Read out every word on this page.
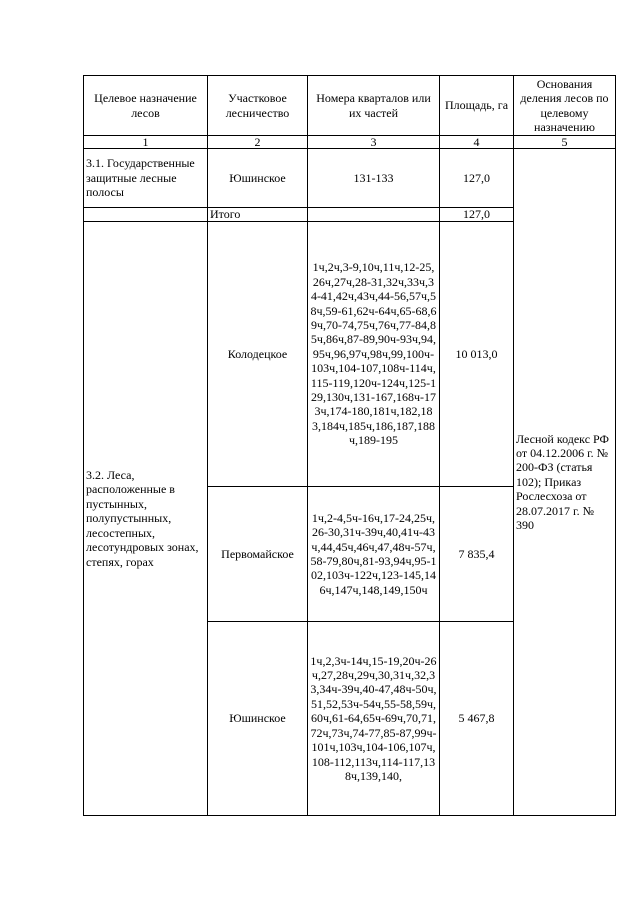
Целевое назначение лесов	Участковое лесничество	Номера кварталов или их частей	Площадь, га	Основания деления лесов по целевому назначению
1	2	3	4	5
3.1. Государственные защитные лесные полосы	Юшинское	131-133	127,0	Лесной кодекс РФ от 04.12.2006 г. № 200-ФЗ (статья 102); Приказ Рослесхоза от 28.07.2017 г. № 390
	Итого		127,0	
3.2. Леса, расположенные в пустынных, полупустынных, лесостепных, лесотундровых зонах, степях, горах	Колодецкое	1ч,2ч,3-9,10ч,11ч,12-25,26ч,27ч,28-31,32ч,33ч,34-41,42ч,43ч,44-56,57ч,58ч,59-61,62ч-64ч,65-68,69ч,70-74,75ч,76ч,77-84,85ч,86ч,87-89,90ч-93ч,94,95ч,96,97ч,98ч,99,100ч-103ч,104-107,108ч-114ч,115-119,120ч-124ч,125-129,130ч,131-167,168ч-173ч,174-180,181ч,182,183,184ч,185ч,186,187,188ч,189-195	10 013,0	
	Первомайское	1ч,2-4,5ч-16ч,17-24,25ч,26-30,31ч-39ч,40,41ч-43ч,44,45ч,46ч,47,48ч-57ч,58-79,80ч,81-93,94ч,95-102,103ч-122ч,123-145,146ч,147ч,148,149,150ч	7 835,4	
	Юшинское	1ч,2,3ч-14ч,15-19,20ч-26ч,27,28ч,29ч,30,31ч,32,33,34ч-39ч,40-47,48ч-50ч,51,52,53ч-54ч,55-58,59ч,60ч,61-64,65ч-69ч,70,71,72ч,73ч,74-77,85-87,99ч-101ч,103ч,104-106,107ч,108-112,113ч,114-117,138ч,139,140,	5 467,8	
